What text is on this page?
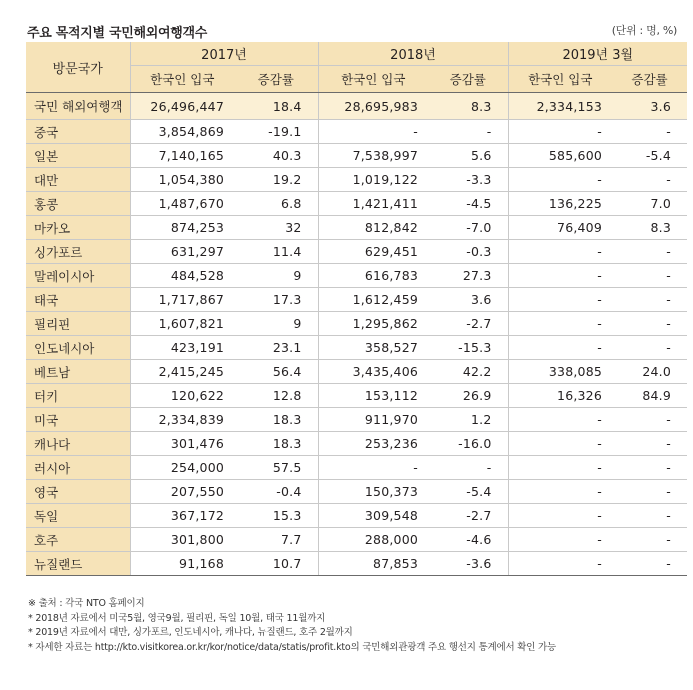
주요 목적지별 국민해외여행객수	(단위 : 명, %)
방문국가	2017년		2018년		2019년 3월	
	한국인 입국	증감률	한국인 입국	증감률	한국인 입국	증감률
국민 해외여행객	26,496,447	18.4	28,695,983	8.3	2,334,153	3.6
중국	3,854,869	-19.1	-	-	-	-
일본	7,140,165	40.3	7,538,997	5.6	585,600	-5.4
대만	1,054,380	19.2	1,019,122	-3.3	-	-
홍콩	1,487,670	6.8	1,421,411	-4.5	136,225	7.0
마카오	874,253	32	812,842	-7.0	76,409	8.3
싱가포르	631,297	11.4	629,451	-0.3	-	-
말레이시아	484,528	9	616,783	27.3	-	-
태국	1,717,867	17.3	1,612,459	3.6	-	-
필리핀	1,607,821	9	1,295,862	-2.7	-	-
인도네시아	423,191	23.1	358,527	-15.3	-	-
베트남	2,415,245	56.4	3,435,406	42.2	338,085	24.0
터키	120,622	12.8	153,112	26.9	16,326	84.9
미국	2,334,839	18.3	911,970	1.2	-	-
캐나다	301,476	18.3	253,236	-16.0	-	-
러시아	254,000	57.5	-	-	-	-
영국	207,550	-0.4	150,373	-5.4	-	-
독일	367,172	15.3	309,548	-2.7	-	-
호주	301,800	7.7	288,000	-4.6	-	-
뉴질랜드	91,168	10.7	87,853	-3.6	-	-
※ 출처 : 각국 NTO 홈페이지
* 2018년 자료에서 미국5월, 영국9월, 필리핀, 독일 10월, 태국 11월까지
* 2019년 자료에서 대만, 싱가포르, 인도네시아, 캐나다, 뉴질랜드, 호주 2월까지
* 자세한 자료는 http://kto.visitkorea.or.kr/kor/notice/data/statis/profit.kto의 국민해외관광객 주요 행선지 통계에서 확인 가능
